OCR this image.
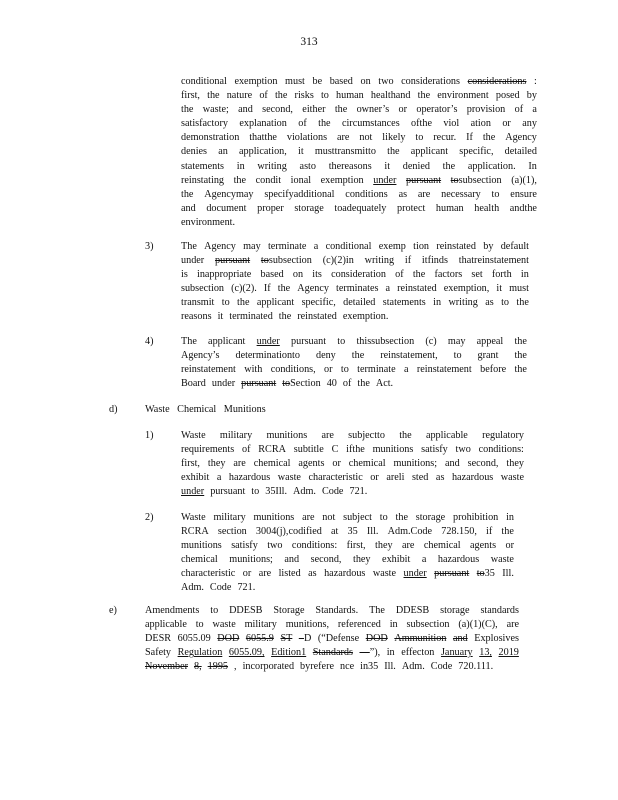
313
conditional exemption must be based on two considerations considerations :
first, the nature of the risks to human healthand the environment posed by
the waste; and second, either the owner’s or operator’s provision of a
satisfactory explanation of the circumstances ofthe viol ation or any
demonstration thatthe violations are not likely to recur. If the Agency
denies an application, it musttransmitto the applicant specific, detailed
statements in writing asto thereasons it denied the application. In
reinstating the condit ional exemption under pursuant tosubsection (a)(1),
the Agencymay specifyadditional conditions as are necessary to ensure
and document proper storage toadequately protect human health andthe
environment.
3)	The Agency may terminate a conditional exemp tion reinstated by default
under pursuant tosubsection (c)(2)in writing if itfinds thatreinstatement
is inappropriate based on its consideration of the factors set forth in
subsection (c)(2). If the Agency terminates a reinstated exemption, it must
transmit to the applicant specific, detailed statements in writing as to the
reasons it terminated the reinstated exemption.
4)	The applicant under pursuant to thissubsection (c) may appeal the
Agency’s determinationto deny the reinstatement, to grant the
reinstatement with conditions, or to terminate a reinstatement before the
Board under pursuant toSection 40 of the Act.
d)	Waste Chemical Munitions
1)	Waste military munitions are subjectto the applicable regulatory
requirements of RCRA subtitle C ifthe munitions satisfy two conditions:
first, they are chemical agents or chemical munitions; and second, they
exhibit a hazardous waste characteristic or areli sted as hazardous waste
under pursuant to 35Ill. Adm. Code 721.
2)	Waste military munitions are not subject to the storage prohibition in
RCRA section 3004(j),codified at 35 Ill. Adm.Code 728.150, if the
munitions satisfy two conditions: first, they are chemical agents or
chemical munitions; and second, they exhibit a hazardous waste
characteristic or are listed as hazardous waste under pursuant to35 Ill.
Adm. Code 721.
e)	Amendments to DDESB Storage Standards. The DDESB storage standards
applicable to waste military munitions, referenced in subsection (a)(1)(C), are
DESR 6055.09 DOD 6055.9 ST –D (“Defense DOD Ammunition and Explosives
Safety Regulation 6055.09, Edition1 Standards —”), in effecton January 13, 2019
November 8, 1995 , incorporated byrefere nce in35 Ill. Adm. Code 720.111.
